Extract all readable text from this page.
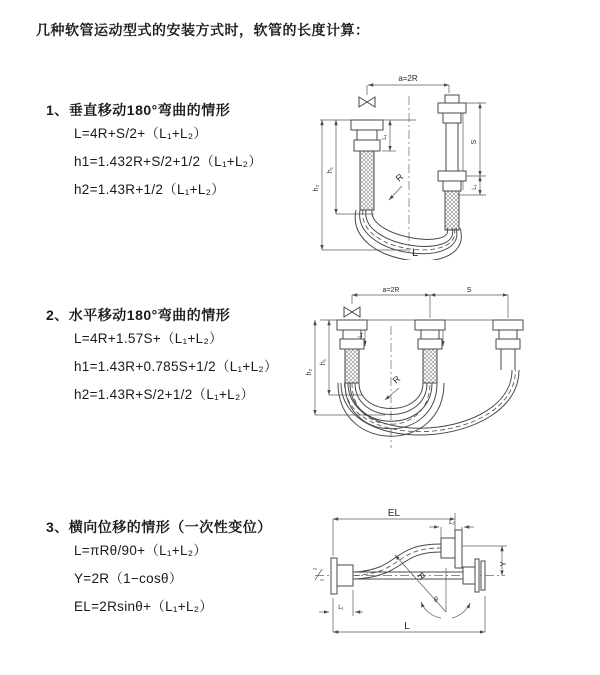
几种软管运动型式的安装方式时，软管的长度计算：
1、垂直移动180°弯曲的情形
L=4R+S/2+（L₁+L₂）
h1=1.432R+S/2+1/2（L₁+L₂）
h2=1.43R+1/2（L₁+L₂）
2、水平移动180°弯曲的情形
L=4R+1.57S+（L₁+L₂）
h1=1.43R+0.785S+1/2（L₁+L₂）
h2=1.43R+S/2+1/2（L₁+L₂）
3、横向位移的情形（一次性变位）
L=πRθ/90+（L₁+L₂）
Y=2R（1−cosθ）
EL=2Rsinθ+（L₁+L₂）
a=2R
L₁
h₁
h₂
S
L₁
R
L
a=2R	S
L₁
h₁
h₂
R
EL
L₂
Y
R
θ
L
L₁
